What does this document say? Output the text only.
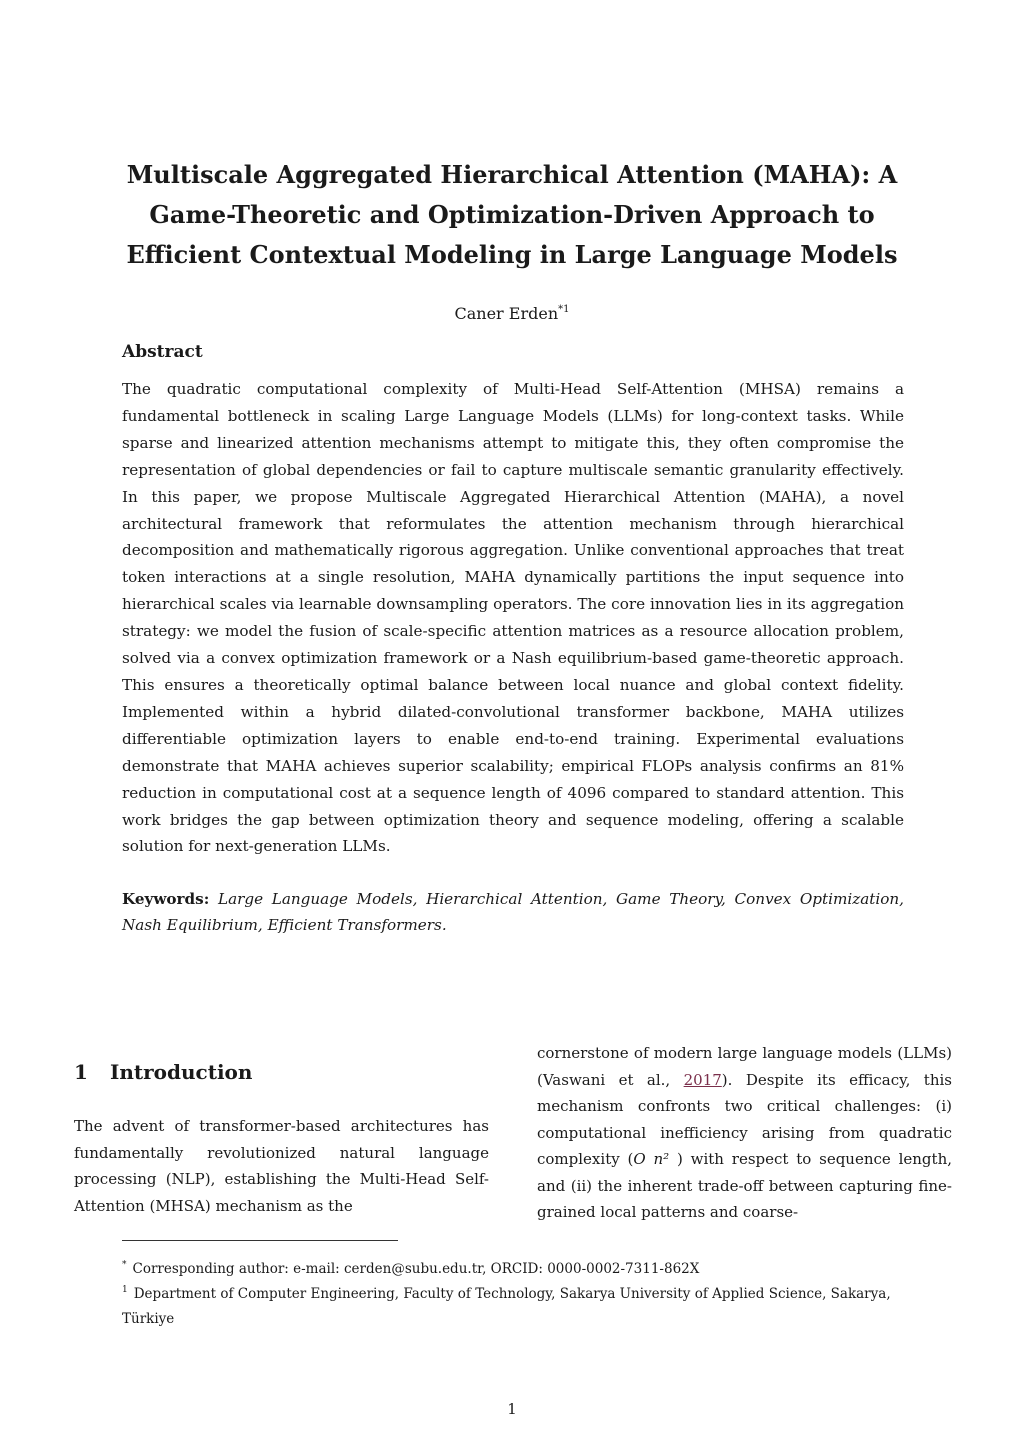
Multiscale Aggregated Hierarchical Attention (MAHA): A Game-Theoretic and Optimization-Driven Approach to Efficient Contextual Modeling in Large Language Models
Caner Erden$^{*1}$
Abstract

The quadratic computational complexity of Multi-Head Self-Attention (MHSA) remains a fundamental bottleneck in scaling Large Language Models (LLMs) for long-context tasks. While sparse and linearized attention mechanisms attempt to mitigate this, they often compromise the representation of global dependencies or fail to capture multiscale semantic granularity effectively. In this paper, we propose Multiscale Aggregated Hierarchical Attention (MAHA), a novel architectural framework that reformulates the attention mechanism through hierarchical decomposition and mathematically rigorous aggregation. Unlike conventional approaches that treat token interactions at a single resolution, MAHA dynamically partitions the input sequence into hierarchical scales via learnable downsampling operators. The core innovation lies in its aggregation strategy: we model the fusion of scale-specific attention matrices as a resource allocation problem, solved via a convex optimization framework or a Nash equilibrium-based game-theoretic approach. This ensures a theoretically optimal balance between local nuance and global context fidelity. Implemented within a hybrid dilated-convolutional transformer backbone, MAHA utilizes differentiable optimization layers to enable end-to-end training. Experimental evaluations demonstrate that MAHA achieves superior scalability; empirical FLOPs analysis confirms an 81% reduction in computational cost at a sequence length of 4096 compared to standard attention. This work bridges the gap between optimization theory and sequence modeling, offering a scalable solution for next-generation LLMs.

Keywords: Large Language Models, Hierarchical Attention, Game Theory, Convex Optimization, Nash Equilibrium, Efficient Transformers.

1 Introduction

The advent of transformer-based architectures has fundamentally revolutionized natural language processing (NLP), establishing the Multi-Head Self-Attention (MHSA) mechanism as the

cornerstone of modern large language models (LLMs)(Vaswani et al., 2017). Despite its efficacy, this mechanism confronts two critical challenges: (i) computational inefficiency arising from quadratic complexity (O n² ) with respect to sequence length, and (ii) the inherent trade-off between capturing fine-grained local patterns and coarse-

* Corresponding author: e-mail: cerden@subu.edu.tr, ORCID: 0000-0002-7311-862X

$^1$ Department of Computer Engineering, Faculty of Technology, Sakarya University of Applied Science, Sakarya, Türkiye

1
